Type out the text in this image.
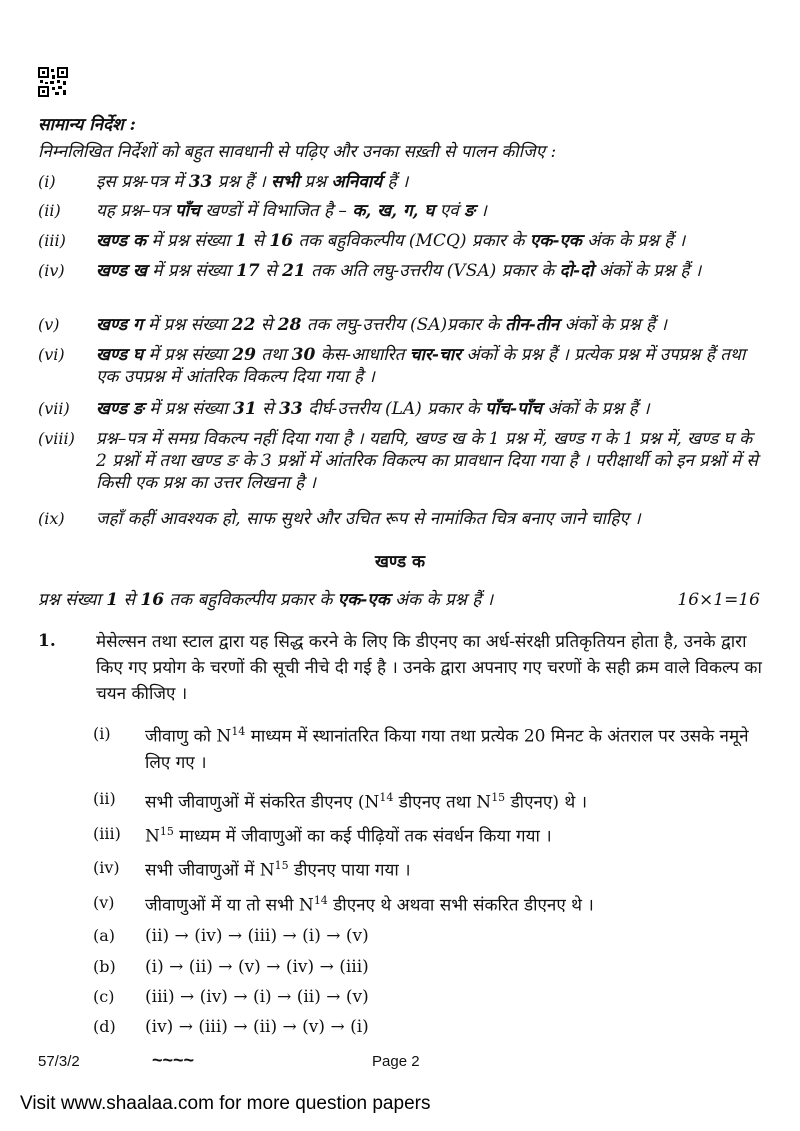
सामान्य निर्देश :
निम्नलिखित निर्देशों को बहुत सावधानी से पढ़िए और उनका सख़्ती से पालन कीजिए :
(i) इस प्रश्न-पत्र में 33 प्रश्न हैं । सभी प्रश्न अनिवार्य हैं ।
(ii) यह प्रश्न–पत्र पाँच खण्डों में विभाजित है – क, ख, ग, घ एवं ङ ।
(iii) खण्ड क में प्रश्न संख्या 1 से 16 तक बहुविकल्पीय (MCQ) प्रकार के एक-एक अंक के प्रश्न हैं ।
(iv) खण्ड ख में प्रश्न संख्या 17 से 21 तक अति लघु-उत्तरीय (VSA) प्रकार के दो-दो अंकों के प्रश्न हैं ।
(v) खण्ड ग में प्रश्न संख्या 22 से 28 तक लघु-उत्तरीय (SA)प्रकार के तीन-तीन अंकों के प्रश्न हैं ।
(vi) खण्ड घ में प्रश्न संख्या 29 तथा 30 केस-आधारित चार-चार अंकों के प्रश्न हैं । प्रत्येक प्रश्न में उपप्रश्न हैं तथा एक उपप्रश्न में आंतरिक विकल्प दिया गया है ।
(vii) खण्ड ङ में प्रश्न संख्या 31 से 33 दीर्घ-उत्तरीय (LA) प्रकार के पाँच-पाँच अंकों के प्रश्न हैं ।
(viii) प्रश्न–पत्र में समग्र विकल्प नहीं दिया गया है । यद्यपि, खण्ड ख के 1 प्रश्न में, खण्ड ग के 1 प्रश्न में, खण्ड घ के 2 प्रश्नों में तथा खण्ड ङ के 3 प्रश्नों में आंतरिक विकल्प का प्रावधान दिया गया है । परीक्षार्थी को इन प्रश्नों में से किसी एक प्रश्न का उत्तर लिखना है ।
(ix) जहाँ कहीं आवश्यक हो, साफ सुथरे और उचित रूप से नामांकित चित्र बनाए जाने चाहिए ।
खण्ड क
प्रश्न संख्या 1 से 16 तक बहुविकल्पीय प्रकार के एक-एक अंक के प्रश्न हैं ।	16×1=16
1. मेसेल्सन तथा स्टाल द्वारा यह सिद्ध करने के लिए कि डीएनए का अर्ध-संरक्षी प्रतिकृतियन होता है, उनके द्वारा किए गए प्रयोग के चरणों की सूची नीचे दी गई है । उनके द्वारा अपनाए गए चरणों के सही क्रम वाले विकल्प का चयन कीजिए ।
(i) जीवाणु को $N^{14}$ माध्यम में स्थानांतरित किया गया तथा प्रत्येक 20 मिनट के अंतराल पर उसके नमूने लिए गए ।
(ii) सभी जीवाणुओं में संकरित डीएनए ($N^{14}$ डीएनए तथा $N^{15}$ डीएनए) थे ।
(iii) $N^{15}$ माध्यम में जीवाणुओं का कई पीढ़ियों तक संवर्धन किया गया ।
(iv) सभी जीवाणुओं में $N^{15}$ डीएनए पाया गया ।
(v) जीवाणुओं में या तो सभी $N^{14}$ डीएनए थे अथवा सभी संकरित डीएनए थे ।
(a) (ii) → (iv) → (iii) → (i) → (v)
(b) (i) → (ii) → (v) → (iv) → (iii)
(c) (iii) → (iv) → (i) → (ii) → (v)
(d) (iv) → (iii) → (ii) → (v) → (i)
57/3/2	~~~~	Page 2
Visit www.shaalaa.com for more question papers
